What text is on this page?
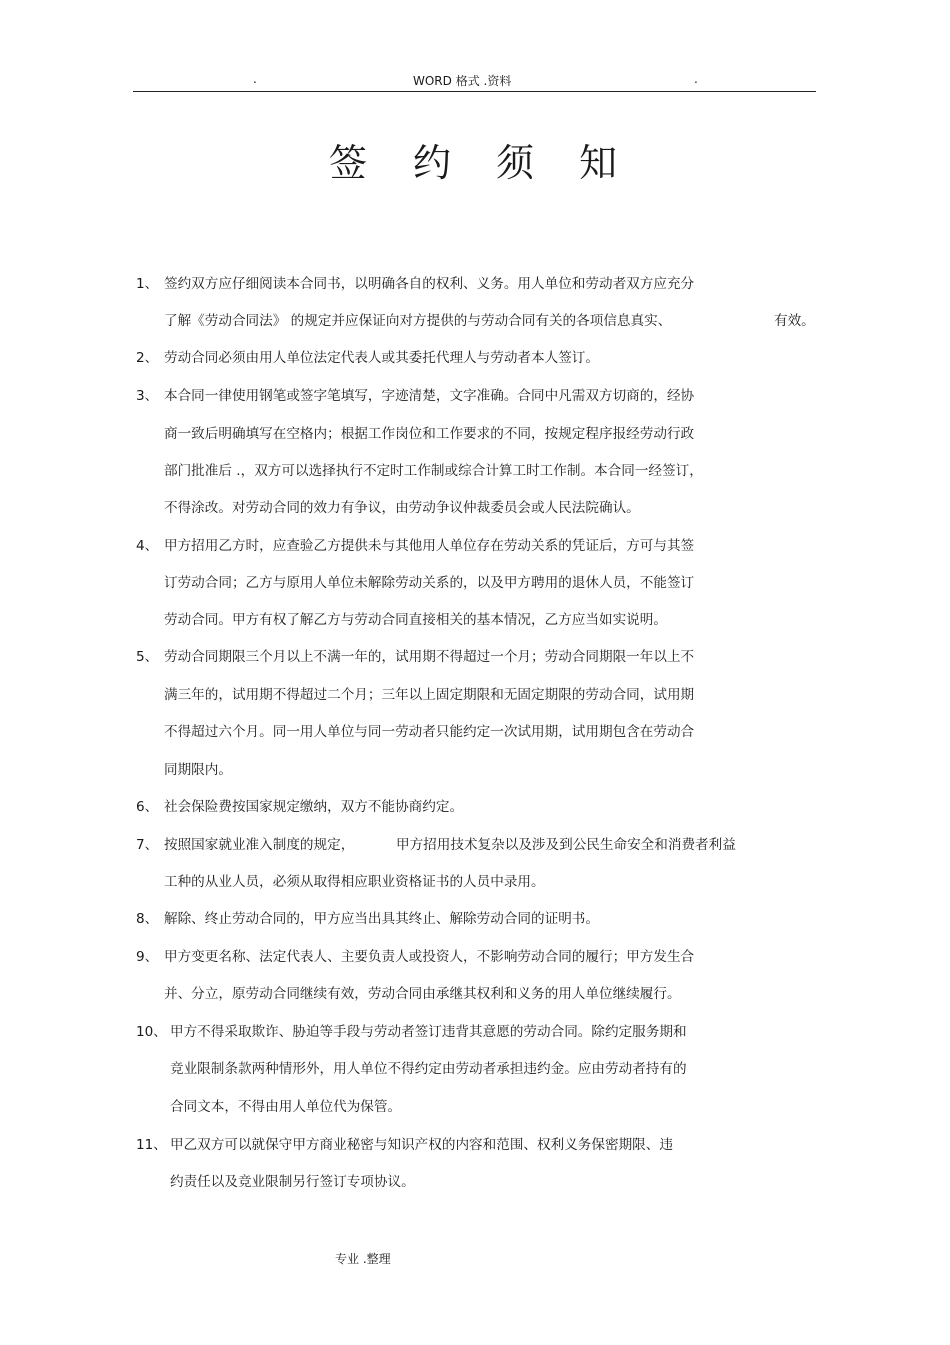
.	WORD 格式 .资料	.
签 约 须 知
1、 签约双方应仔细阅读本合同书，以明确各自的权利、义务。用人单位和劳动者双方应充分
了解《劳动合同法》 的规定并应保证向对方提供的与劳动合同有关的各项信息真实、	有效。
2、 劳动合同必须由用人单位法定代表人或其委托代理人与劳动者本人签订。
3、 本合同一律使用钢笔或签字笔填写，字迹清楚，文字准确。合同中凡需双方切商的，经协
商一致后明确填写在空格内；根据工作岗位和工作要求的不同，按规定程序报经劳动行政
部门批准后 .，双方可以选择执行不定时工作制或综合计算工时工作制。本合同一经签订，
不得涂改。对劳动合同的效力有争议，由劳动争议仲裁委员会或人民法院确认。
4、 甲方招用乙方时，应查验乙方提供未与其他用人单位存在劳动关系的凭证后，方可与其签
订劳动合同；乙方与原用人单位未解除劳动关系的，以及甲方聘用的退休人员，不能签订
劳动合同。甲方有权了解乙方与劳动合同直接相关的基本情况，乙方应当如实说明。
5、 劳动合同期限三个月以上不满一年的，试用期不得超过一个月；劳动合同期限一年以上不
满三年的，试用期不得超过二个月；三年以上固定期限和无固定期限的劳动合同，试用期
不得超过六个月。同一用人单位与同一劳动者只能约定一次试用期，试用期包含在劳动合
同期限内。
6、 社会保险费按国家规定缴纳，双方不能协商约定。
7、 按照国家就业准入制度的规定，	甲方招用技术复杂以及涉及到公民生命安全和消费者利益
工种的从业人员，必须从取得相应职业资格证书的人员中录用。
8、 解除、终止劳动合同的，甲方应当出具其终止、解除劳动合同的证明书。
9、 甲方变更名称、法定代表人、主要负责人或投资人，不影响劳动合同的履行；甲方发生合
并、分立，原劳动合同继续有效，劳动合同由承继其权利和义务的用人单位继续履行。
10、 甲方不得采取欺诈、胁迫等手段与劳动者签订违背其意愿的劳动合同。除约定服务期和
竞业限制条款两种情形外，用人单位不得约定由劳动者承担违约金。应由劳动者持有的
合同文本，不得由用人单位代为保管。
11、 甲乙双方可以就保守甲方商业秘密与知识产权的内容和范围、权利义务保密期限、违
约责任以及竞业限制另行签订专项协议。
专业 .整理
